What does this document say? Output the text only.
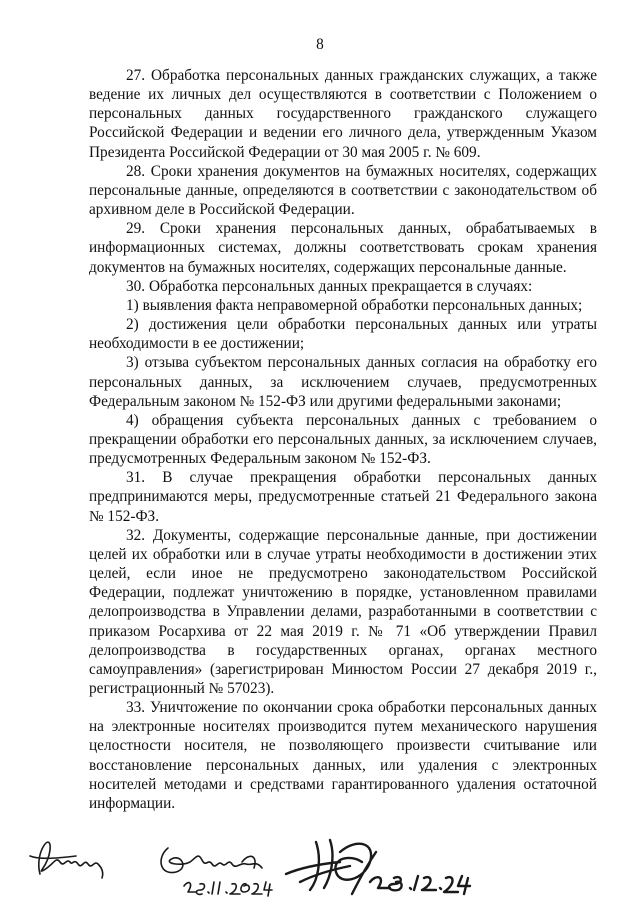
8

27. Обработка персональных данных гражданских служащих, а также ведение их личных дел осуществляются в соответствии с Положением о персональных данных государственного гражданского служащего Российской Федерации и ведении его личного дела, утвержденным Указом Президента Российской Федерации от 30 мая 2005 г. № 609.

28. Сроки хранения документов на бумажных носителях, содержащих персональные данные, определяются в соответствии с законодательством об архивном деле в Российской Федерации.

29. Сроки хранения персональных данных, обрабатываемых в информационных системах, должны соответствовать срокам хранения документов на бумажных носителях, содержащих персональные данные.

30. Обработка персональных данных прекращается в случаях:

1) выявления факта неправомерной обработки персональных данных;

2) достижения цели обработки персональных данных или утраты необходимости в ее достижении;

3) отзыва субъектом персональных данных согласия на обработку его персональных данных, за исключением случаев, предусмотренных Федеральным законом № 152-ФЗ или другими федеральными законами;

4) обращения субъекта персональных данных с требованием о прекращении обработки его персональных данных, за исключением случаев, предусмотренных Федеральным законом № 152-ФЗ.

31. В случае прекращения обработки персональных данных предпринимаются меры, предусмотренные статьей 21 Федерального закона № 152-ФЗ.

32. Документы, содержащие персональные данные, при достижении целей их обработки или в случае утраты необходимости в достижении этих целей, если иное не предусмотрено законодательством Российской Федерации, подлежат уничтожению в порядке, установленном правилами делопроизводства в Управлении делами, разработанными в соответствии с приказом Росархива от 22 мая 2019 г. № 71 «Об утверждении Правил делопроизводства в государственных органах, органах местного самоуправления» (зарегистрирован Минюстом России 27 декабря 2019 г., регистрационный № 57023).

33. Уничтожение по окончании срока обработки персональных данных на электронные носителях производится путем механического нарушения целостности носителя, не позволяющего произвести считывание или восстановление персональных данных, или удаления с электронных носителей методами и средствами гарантированного удаления остаточной информации.
